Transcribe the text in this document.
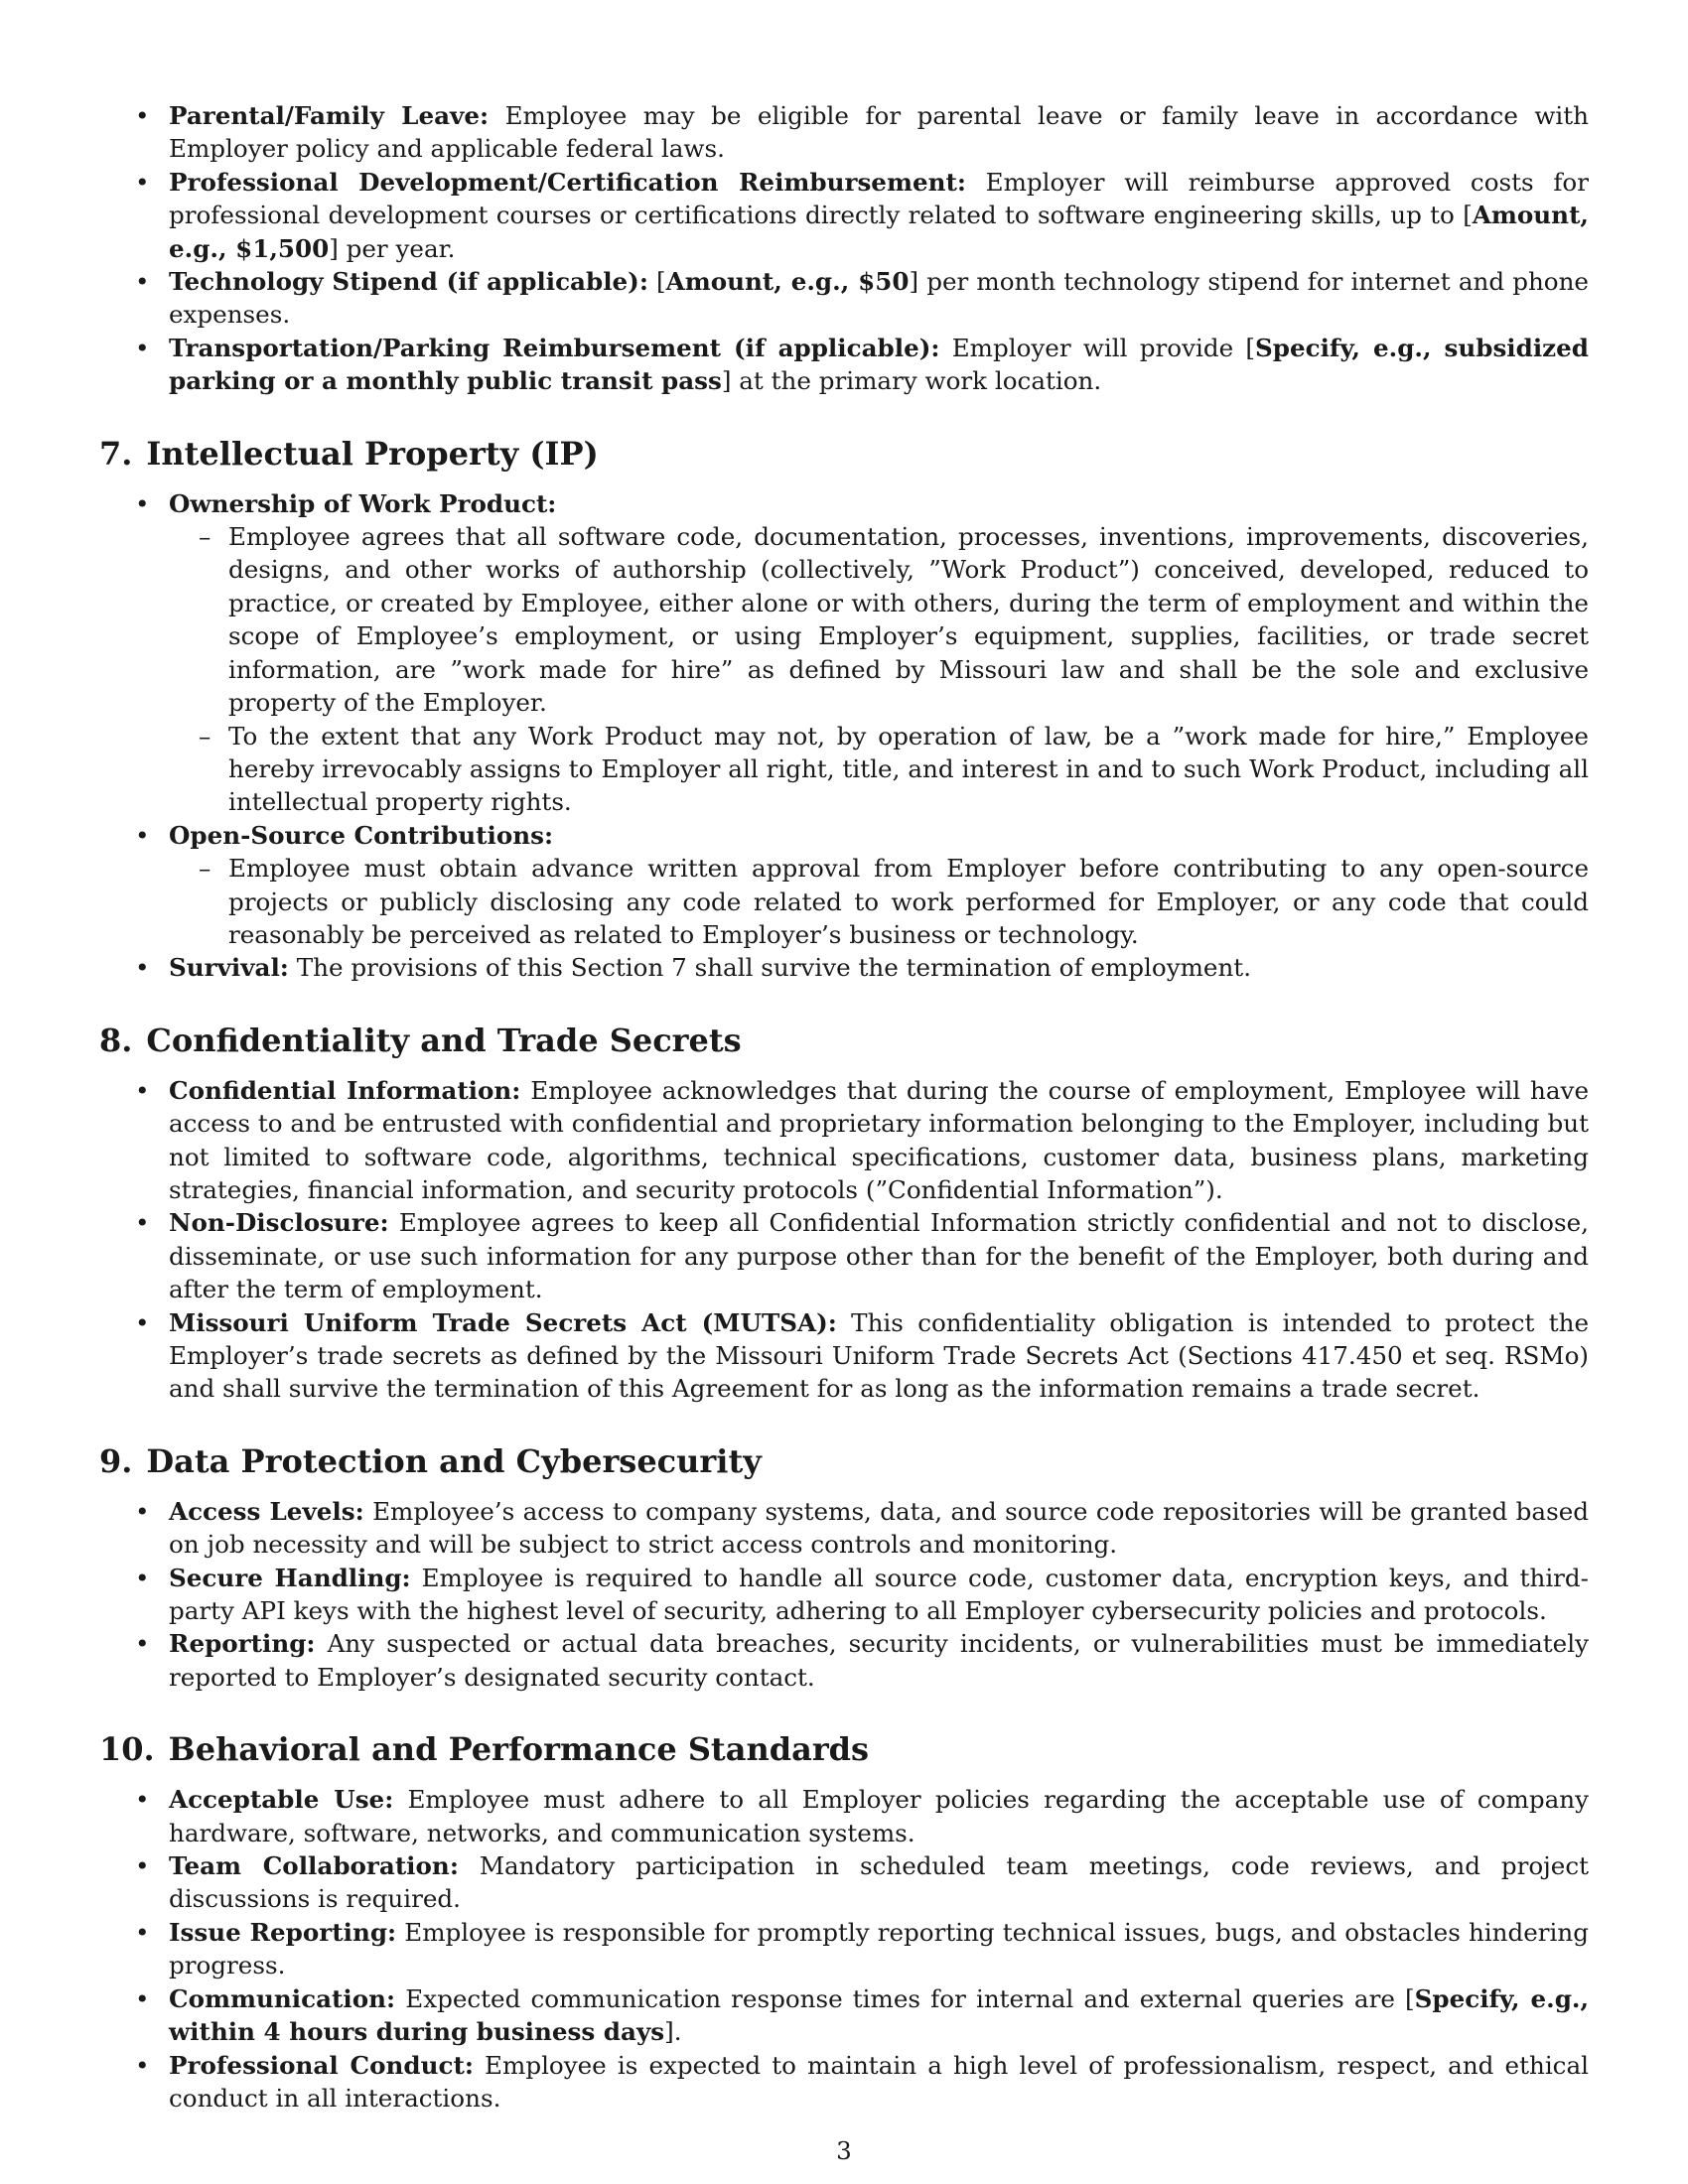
• Parental/Family Leave: Employee may be eligible for parental leave or family leave in accordance with Employer policy and applicable federal laws.
• Professional Development/Certification Reimbursement: Employer will reimburse approved costs for professional development courses or certifications directly related to software engineering skills, up to [Amount, e.g., $1,500] per year.
• Technology Stipend (if applicable): [Amount, e.g., $50] per month technology stipend for internet and phone expenses.
• Transportation/Parking Reimbursement (if applicable): Employer will provide [Specify, e.g., subsidized parking or a monthly public transit pass] at the primary work location.
7. Intellectual Property (IP)
• Ownership of Work Product:
– Employee agrees that all software code, documentation, processes, inventions, improvements, discoveries, designs, and other works of authorship (collectively, ”Work Product”) conceived, developed, reduced to practice, or created by Employee, either alone or with others, during the term of employment and within the scope of Employee’s employment, or using Employer’s equipment, supplies, facilities, or trade secret information, are ”work made for hire” as defined by Missouri law and shall be the sole and exclusive property of the Employer.
– To the extent that any Work Product may not, by operation of law, be a ”work made for hire,” Employee hereby irrevocably assigns to Employer all right, title, and interest in and to such Work Product, including all intellectual property rights.
• Open-Source Contributions:
– Employee must obtain advance written approval from Employer before contributing to any open-source projects or publicly disclosing any code related to work performed for Employer, or any code that could reasonably be perceived as related to Employer’s business or technology.
• Survival: The provisions of this Section 7 shall survive the termination of employment.
8. Confidentiality and Trade Secrets
• Confidential Information: Employee acknowledges that during the course of employment, Employee will have access to and be entrusted with confidential and proprietary information belonging to the Employer, including but not limited to software code, algorithms, technical specifications, customer data, business plans, marketing strategies, financial information, and security protocols (”Confidential Information”).
• Non-Disclosure: Employee agrees to keep all Confidential Information strictly confidential and not to disclose, disseminate, or use such information for any purpose other than for the benefit of the Employer, both during and after the term of employment.
• Missouri Uniform Trade Secrets Act (MUTSA): This confidentiality obligation is intended to protect the Employer’s trade secrets as defined by the Missouri Uniform Trade Secrets Act (Sections 417.450 et seq. RSMo) and shall survive the termination of this Agreement for as long as the information remains a trade secret.
9. Data Protection and Cybersecurity
• Access Levels: Employee’s access to company systems, data, and source code repositories will be granted based on job necessity and will be subject to strict access controls and monitoring.
• Secure Handling: Employee is required to handle all source code, customer data, encryption keys, and third-party API keys with the highest level of security, adhering to all Employer cybersecurity policies and protocols.
• Reporting: Any suspected or actual data breaches, security incidents, or vulnerabilities must be immediately reported to Employer’s designated security contact.
10. Behavioral and Performance Standards
• Acceptable Use: Employee must adhere to all Employer policies regarding the acceptable use of company hardware, software, networks, and communication systems.
• Team Collaboration: Mandatory participation in scheduled team meetings, code reviews, and project discussions is required.
• Issue Reporting: Employee is responsible for promptly reporting technical issues, bugs, and obstacles hindering progress.
• Communication: Expected communication response times for internal and external queries are [Specify, e.g., within 4 hours during business days].
• Professional Conduct: Employee is expected to maintain a high level of professionalism, respect, and ethical conduct in all interactions.
3
